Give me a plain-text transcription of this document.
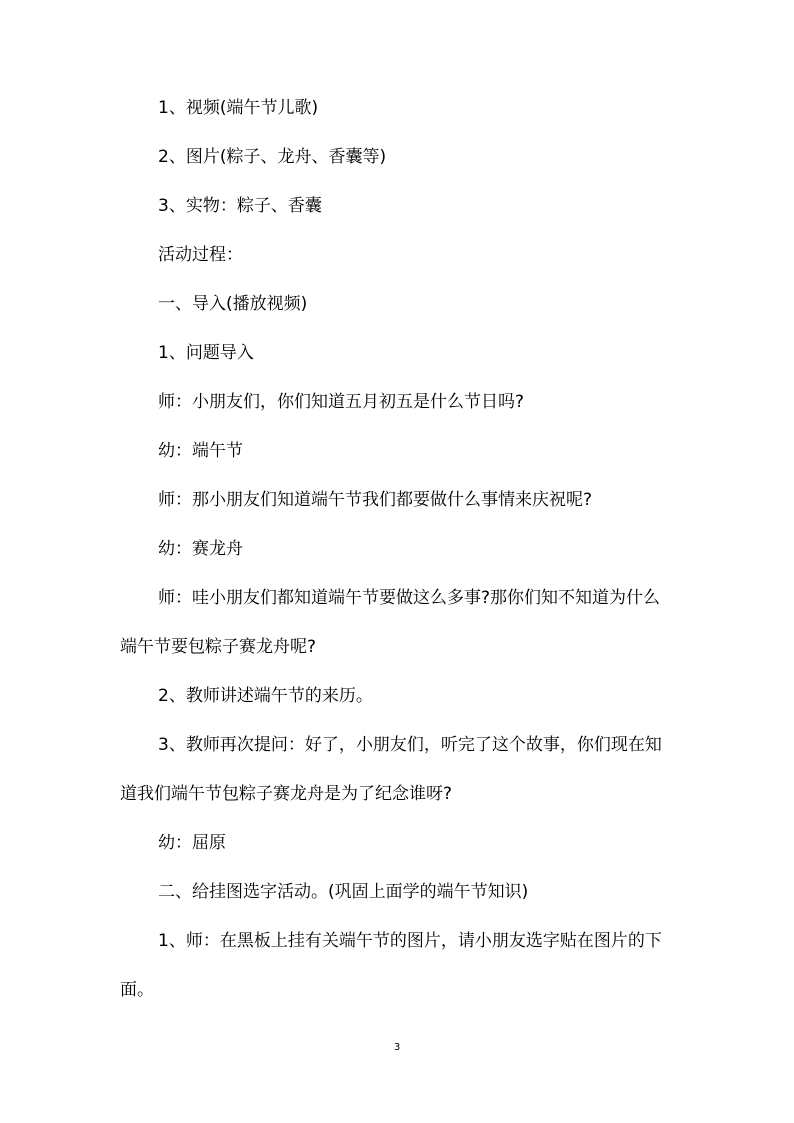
1、视频(端午节儿歌)

2、图片(粽子、龙舟、香囊等)

3、实物：粽子、香囊

活动过程：

一、导入(播放视频)

1、问题导入

师：小朋友们，你们知道五月初五是什么节日吗?

幼：端午节

师：那小朋友们知道端午节我们都要做什么事情来庆祝呢?

幼：赛龙舟

师：哇小朋友们都知道端午节要做这么多事?那你们知不知道为什么端午节要包粽子赛龙舟呢?

2、教师讲述端午节的来历。

3、教师再次提问：好了，小朋友们，听完了这个故事，你们现在知道我们端午节包粽子赛龙舟是为了纪念谁呀?

幼：屈原

二、给挂图选字活动。(巩固上面学的端午节知识)

1、师：在黑板上挂有关端午节的图片，请小朋友选字贴在图片的下面。

3
